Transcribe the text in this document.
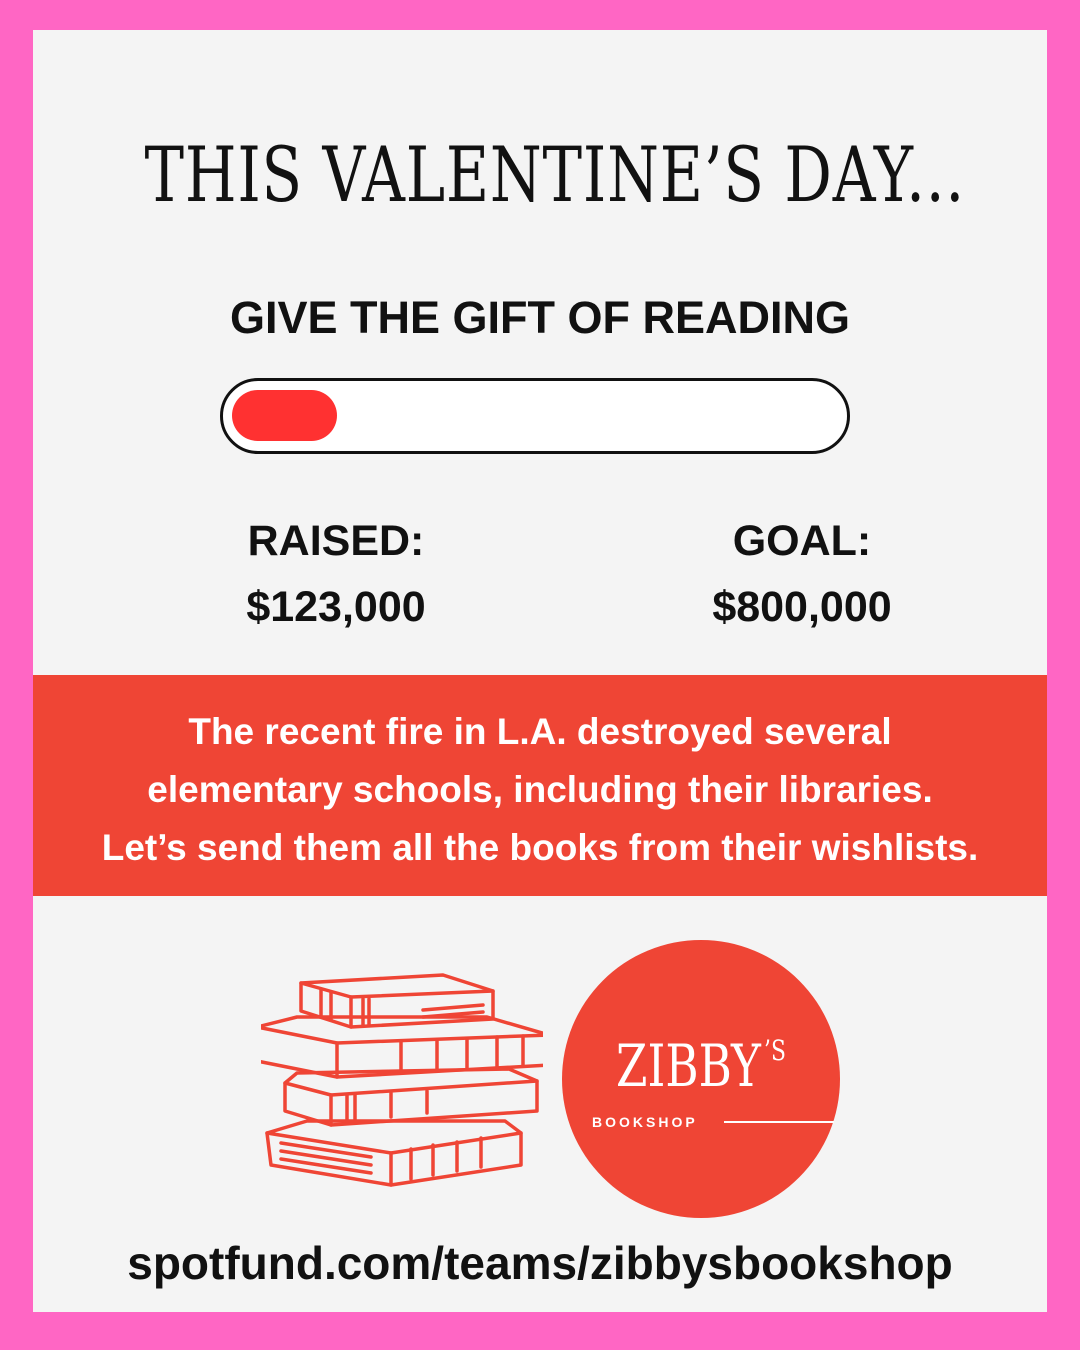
THIS VALENTINE’S DAY...
GIVE THE GIFT OF READING
RAISED:
$123,000
GOAL:
$800,000
The recent fire in L.A. destroyed several
elementary schools, including their libraries.
Let’s send them all the books from their wishlists.
ZIBBY $^{’S}$
BOOKSHOP
spotfund.com/teams/zibbysbookshop
